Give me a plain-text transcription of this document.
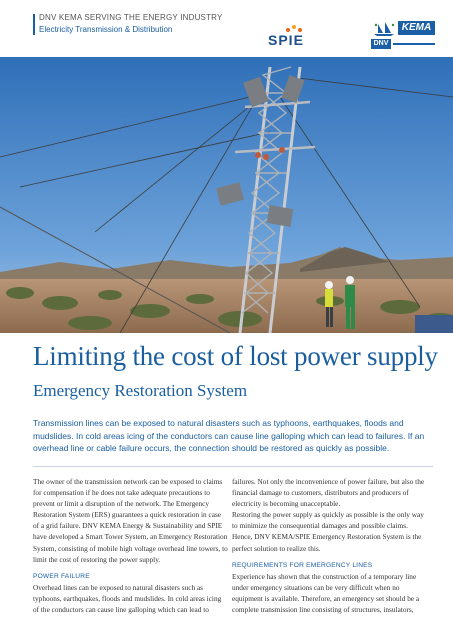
DNV KEMA SERVING THE ENERGY INDUSTRY
Electricity Transmission & Distribution
SPIE
KEMA
DNV
Limiting the cost of lost power supply
Emergency Restoration System
Transmission lines can be exposed to natural disasters such as typhoons, earthquakes, floods and mudslides. In cold areas icing of the conductors can cause line galloping which can lead to failures. If an overhead line or cable failure occurs, the connection should be restored as quickly as possible.

The owner of the transmission network can be exposed to claims for compensation if he does not take adequate precautions to prevent or limit a disruption of the network. The Emergency Restoration System (ERS) guarantees a quick restoration in case of a grid failure. DNV KEMA Energy & Sustainability and SPIE have developed a Smart Tower System, an Emergency Restoration System, consisting of mobile high voltage overhead line towers, to limit the cost of restoring the power supply.

POWER FAILURE

Overhead lines can be exposed to natural disasters such as typhoons, earthquakes, floods and mudslides. In cold areas icing of the conductors can cause line galloping which can lead to

failures. Not only the inconvenience of power failure, but also the financial damage to customers, distributors and producers of electricity is becoming unacceptable.

Restoring the power supply as quickly as possible is the only way to minimize the consequential damages and possible claims. Hence, DNV KEMA/SPIE Emergency Restoration System is the perfect solution to realize this.

REQUIREMENTS FOR EMERGENCY LINES

Experience has shown that the construction of a temporary line under emergency situations can be very difficult when no equipment is available. Therefore, an emergency set should be a complete transmission line consisting of structures, insulators,
